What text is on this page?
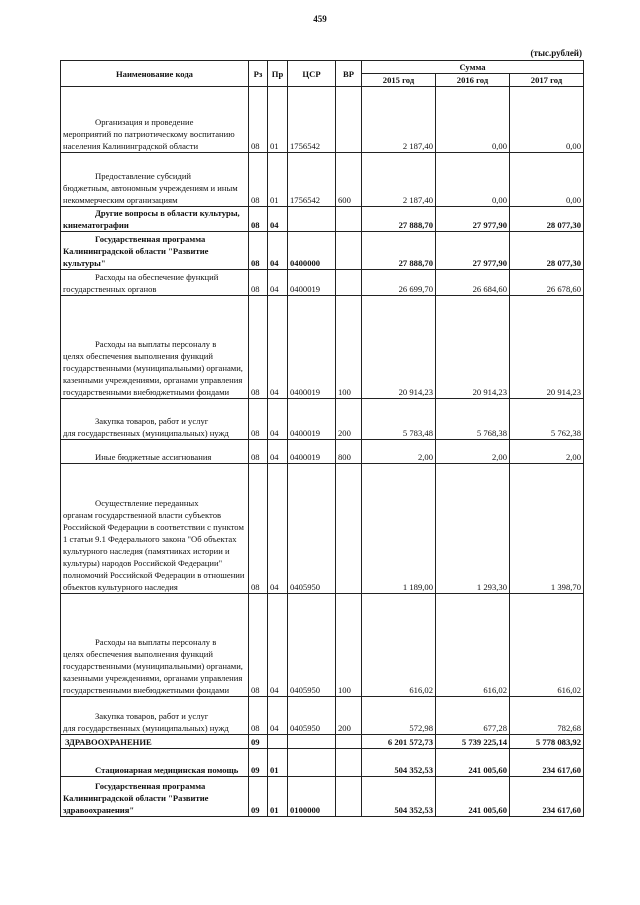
459
(тыс.рублей)
Наименование кода	Рз	Пр	ЦСР	ВР	Сумма		
					2015 год	2016 год	2017 год

Организация и проведение
мероприятий по патриотическому воспитанию населения Калининградской области	08	01	1756542		2 187,40	0,00	0,00

Предоставление субсидий
бюджетным, автономным учреждениям и иным некоммерческим организациям	08	01	1756542	600	2 187,40	0,00	0,00

Другие вопросы в области культуры,
кинематографии	08	04			27 888,70	27 977,90	28 077,30

Государственная программа
Калининградской области "Развитие культуры"	08	04	0400000		27 888,70	27 977,90	28 077,30

Расходы на обеспечение функций
государственных органов	08	04	0400019		26 699,70	26 684,60	26 678,60

Расходы на выплаты персоналу в
целях обеспечения выполнения функций государственными (муниципальными) органами, казенными учреждениями, органами управления государственными внебюджетными фондами	08	04	0400019	100	20 914,23	20 914,23	20 914,23

Закупка товаров, работ и услуг
для государственных (муниципальных) нужд	08	04	0400019	200	5 783,48	5 768,38	5 762,38

Иные бюджетные ассигнования	08	04	0400019	800	2,00	2,00	2,00

Осуществление переданных
органам государственной власти субъектов Российской Федерации в соответствии с пунктом 1 статьи 9.1 Федерального закона "Об объектах культурного наследия (памятниках истории и культуры) народов Российской Федерации" полномочий Российской Федерации в отношении объектов культурного наследия	08	04	0405950		1 189,00	1 293,30	1 398,70

Расходы на выплаты персоналу в
целях обеспечения выполнения функций государственными (муниципальными) органами, казенными учреждениями, органами управления государственными внебюджетными фондами	08	04	0405950	100	616,02	616,02	616,02

Закупка товаров, работ и услуг
для государственных (муниципальных) нужд	08	04	0405950	200	572,98	677,28	782,68
ЗДРАВООХРАНЕНИЕ	09				6 201 572,73	5 739 225,14	5 778 083,92

Стационарная медицинская помощь	09	01			504 352,53	241 005,60	234 617,60

Государственная программа
Калининградской области "Развитие здравоохранения"	09	01	0100000		504 352,53	241 005,60	234 617,60
